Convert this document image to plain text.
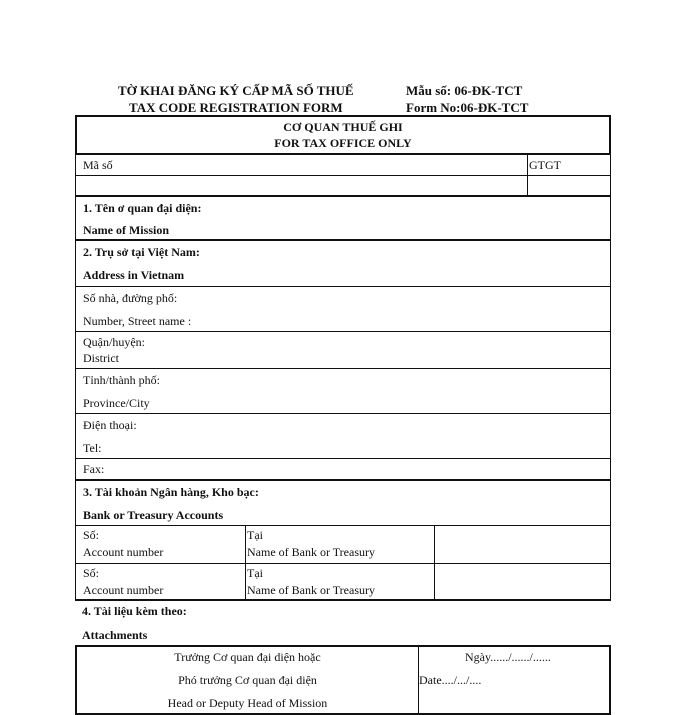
TỜ KHAI ĐĂNG KÝ CẤP MÃ SỐ THUẾ
TAX CODE REGISTRATION FORM
Mẫu số: 06-ĐK-TCT
Form No:06-ĐK-TCT
CƠ QUAN THUẾ GHI
FOR TAX OFFICE ONLY
Mã số	GTGT
1. Tên ơ quan đại diện:
Name of Mission
2. Trụ sở tại Việt Nam:
Address in Vietnam
Số nhà, đường phố:
Number, Street name :
Quận/huyện:
District
Tỉnh/thành phố:
Province/City
Điện thoại:
Tel:
Fax:
3. Tài khoản Ngân hàng, Kho bạc:
Bank or Treasury Accounts
Số:
Account number
Tại
Name of Bank or Treasury
Số:
Account number
Tại
Name of Bank or Treasury
4. Tài liệu kèm theo:
Attachments
Trưởng Cơ quan đại diện hoặc
Phó trưởng Cơ quan đại diện
Head or Deputy Head of Mission
Ngày....../....../......
Date..../.../....
